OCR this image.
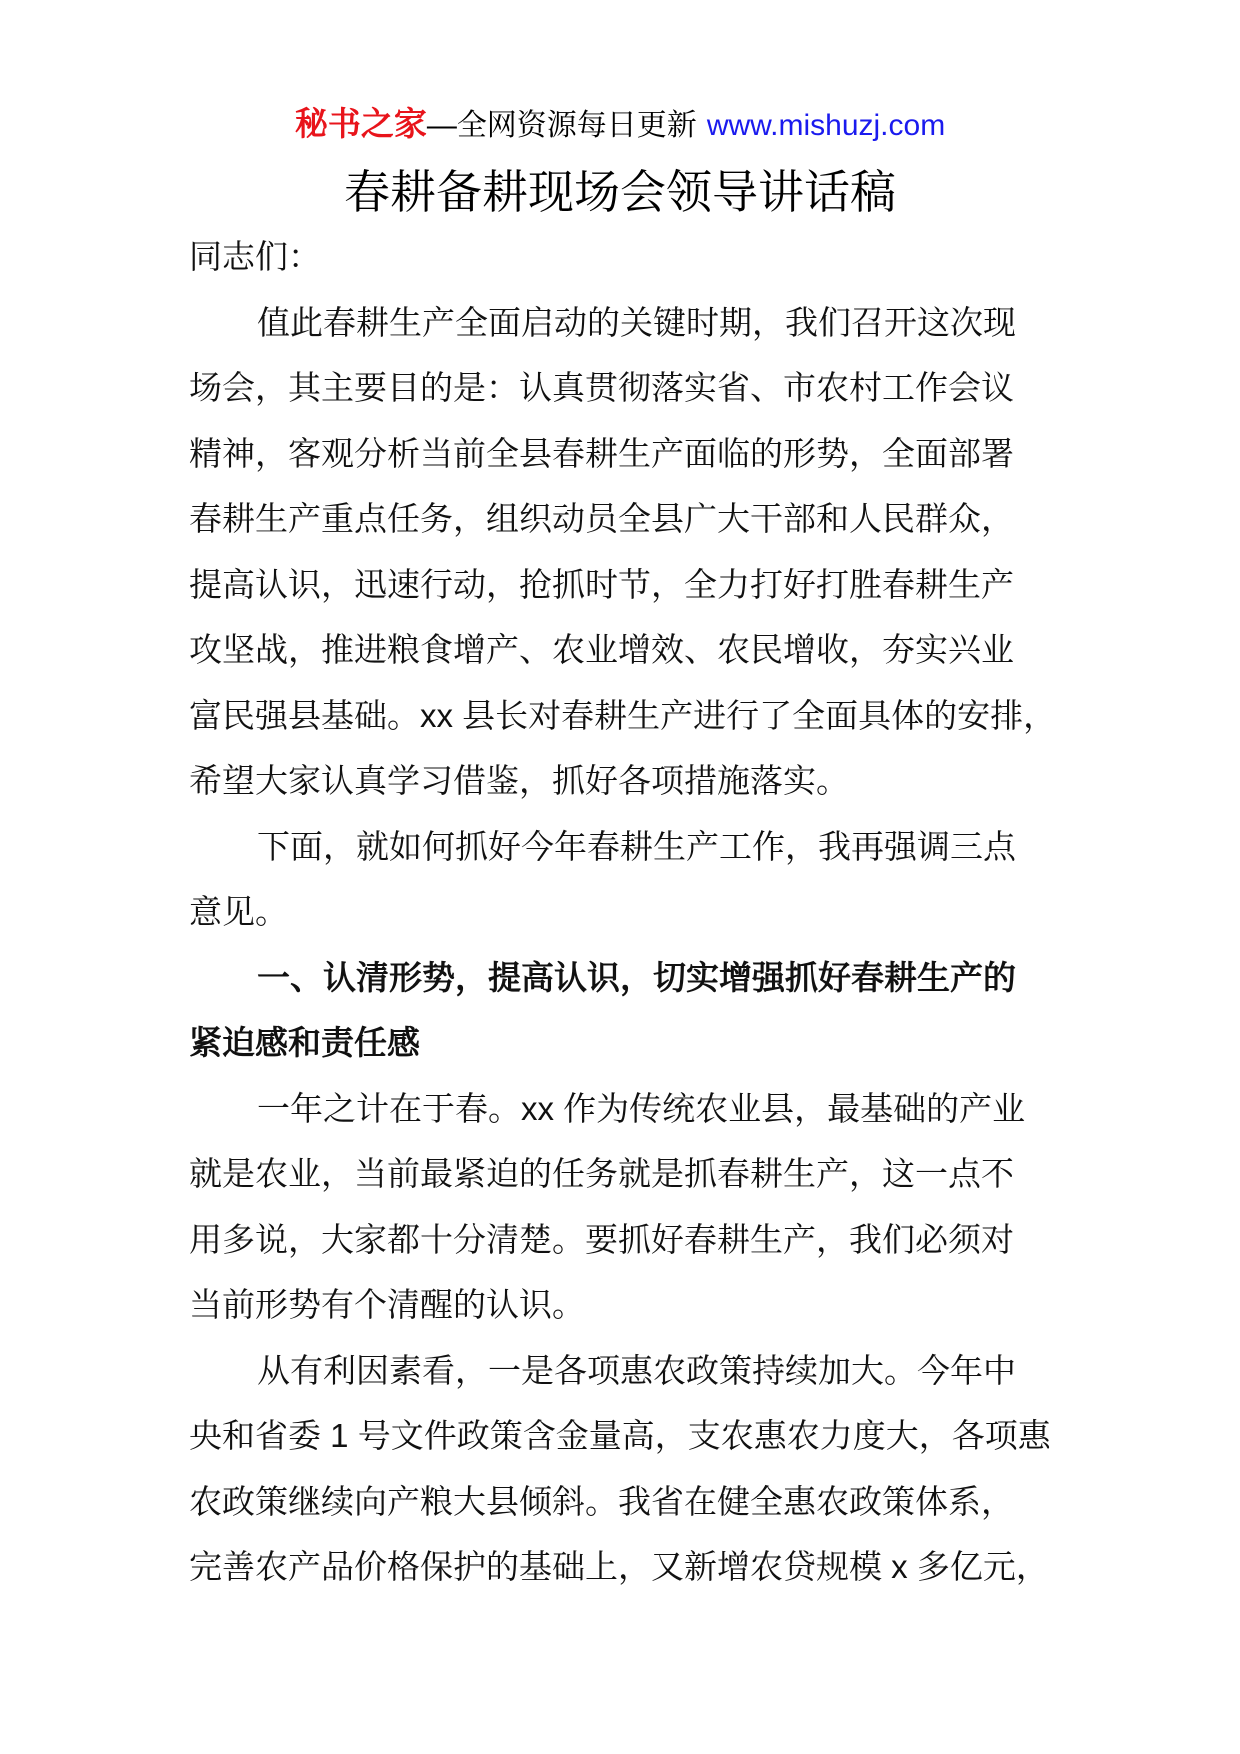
秘书之家—全网资源每日更新 www.mishuzj.com
春耕备耕现场会领导讲话稿
同志们：
值此春耕生产全面启动的关键时期，我们召开这次现
场会，其主要目的是：认真贯彻落实省、市农村工作会议
精神，客观分析当前全县春耕生产面临的形势，全面部署
春耕生产重点任务，组织动员全县广大干部和人民群众，
提高认识，迅速行动，抢抓时节，全力打好打胜春耕生产
攻坚战，推进粮食增产、农业增效、农民增收，夯实兴业
富民强县基础。xx 县长对春耕生产进行了全面具体的安排，
希望大家认真学习借鉴，抓好各项措施落实。
下面，就如何抓好今年春耕生产工作，我再强调三点
意见。
一、认清形势，提高认识，切实增强抓好春耕生产的
紧迫感和责任感
一年之计在于春。xx 作为传统农业县，最基础的产业
就是农业，当前最紧迫的任务就是抓春耕生产，这一点不
用多说，大家都十分清楚。要抓好春耕生产，我们必须对
当前形势有个清醒的认识。
从有利因素看，一是各项惠农政策持续加大。今年中
央和省委 1 号文件政策含金量高，支农惠农力度大，各项惠
农政策继续向产粮大县倾斜。我省在健全惠农政策体系，
完善农产品价格保护的基础上，又新增农贷规模 x 多亿元，
